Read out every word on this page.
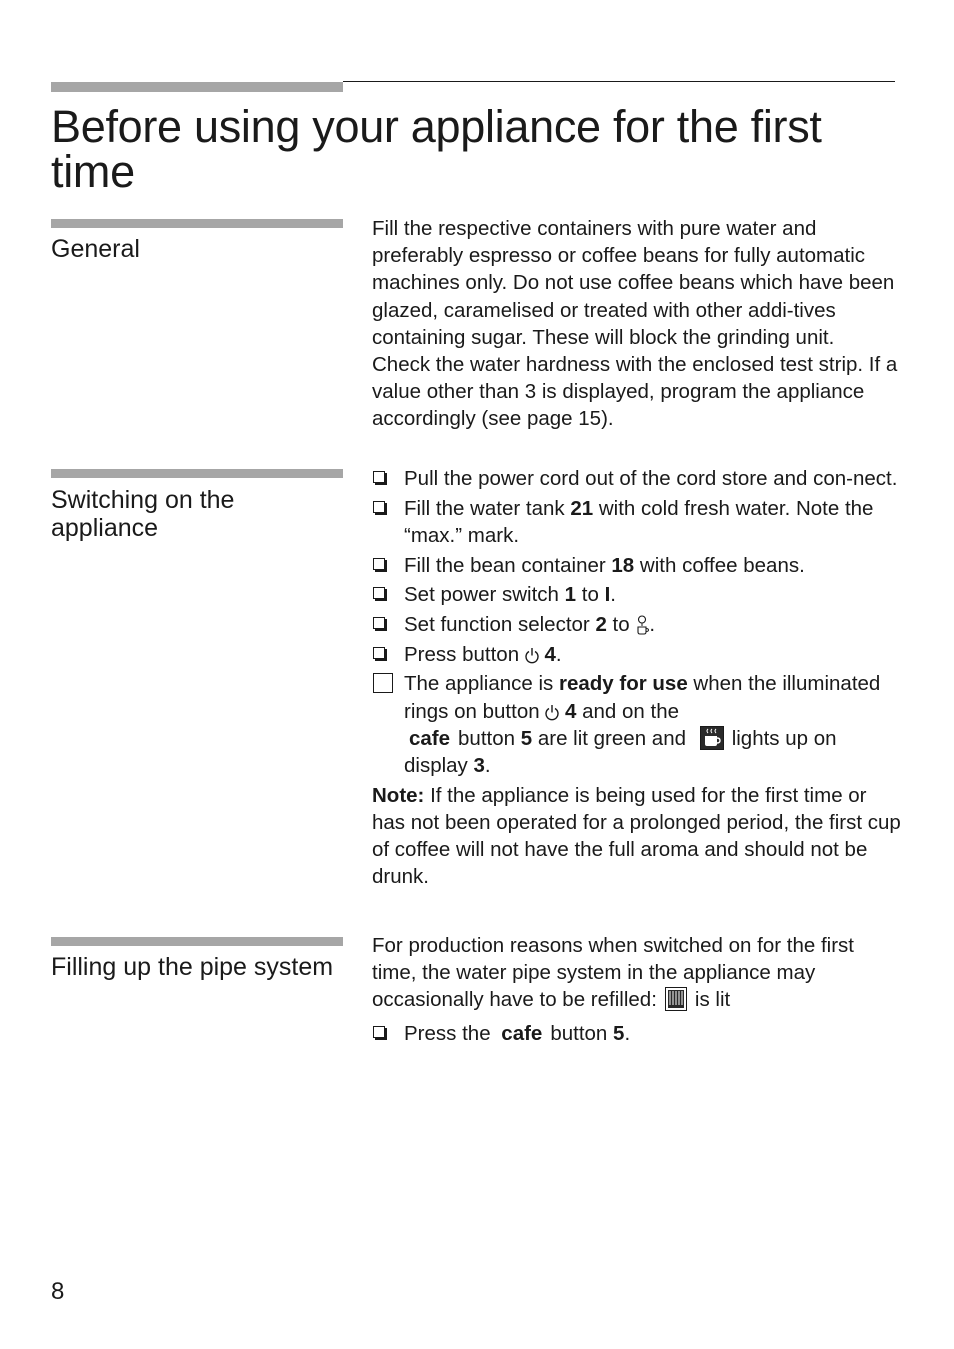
Before using your appliance for the first time
General

Fill the respective containers with pure water and preferably espresso or coffee beans for fully automatic machines only. Do not use coffee beans which have been glazed, caramelised or treated with other addi-tives containing sugar. These will block the grinding unit.

Check the water hardness with the enclosed test strip. If a value other than 3 is displayed, program the appliance accordingly (see page 15).

Switching on the appliance
Pull the power cord out of the cord store and con-nect.
Fill the water tank 21 with cold fresh water. Note the “max.” mark.
Fill the bean container 18 with coffee beans.
Set power switch 1 to I.
Set function selector 2 to .
Press button  4.
The appliance is ready for use when the illuminated rings on button  4 and on the
cafe button 5 are lit green and lights up on display 3.

Note: If the appliance is being used for the first time or has not been operated for a prolonged period, the first cup of coffee will not have the full aroma and should not be drunk.

Filling up the pipe system

For production reasons when switched on for the first time, the water pipe system in the appliance may occasionally have to be refilled: is lit

Press the cafe button 5.
8
